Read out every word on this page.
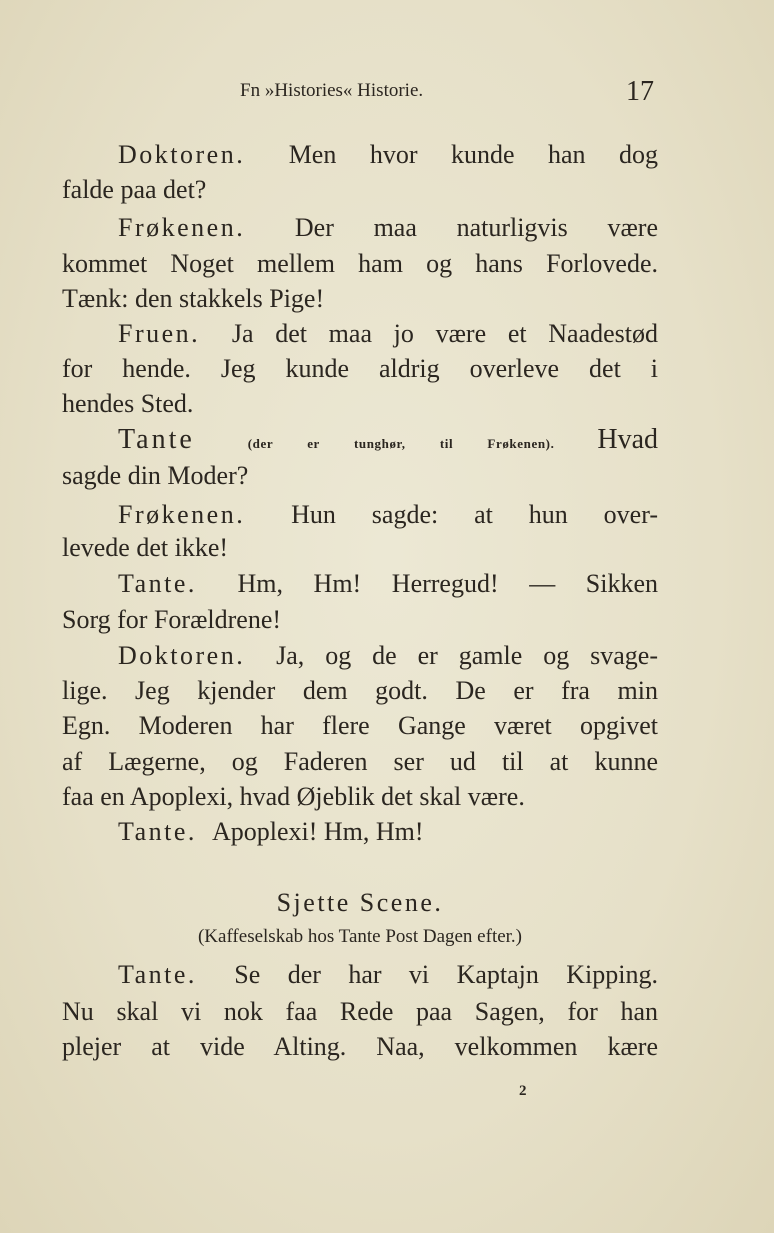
Fn »Histories« Historie.	17
Doktoren. Men hvor kunde han dog
falde paa det?
Frøkenen. Der maa naturligvis være
kommet Noget mellem ham og hans Forlovede.
Tænk: den stakkels Pige!
Fruen. Ja det maa jo være et Naadestød
for hende. Jeg kunde aldrig overleve det i
hendes Sted.
Tante	(der er tunghør, til Frøkenen). Hvad
sagde din Moder?
Frøkenen. Hun sagde: at hun over-
levede det ikke!
Tante. Hm, Hm! Herregud! — Sikken
Sorg for Forældrene!
Doktoren. Ja, og de er gamle og svage-
lige. Jeg kjender dem godt. De er fra min
Egn. Moderen har flere Gange været opgivet
af Lægerne, og Faderen ser ud til at kunne
faa en Apoplexi, hvad Øjeblik det skal være.
Tante. Apoplexi! Hm, Hm!
Sjette Scene.
(Kaffeselskab hos Tante Post Dagen efter.)
Tante. Se der har vi Kaptajn Kipping.
Nu skal vi nok faa Rede paa Sagen, for han
plejer at vide Alting. Naa, velkommen kære
2
